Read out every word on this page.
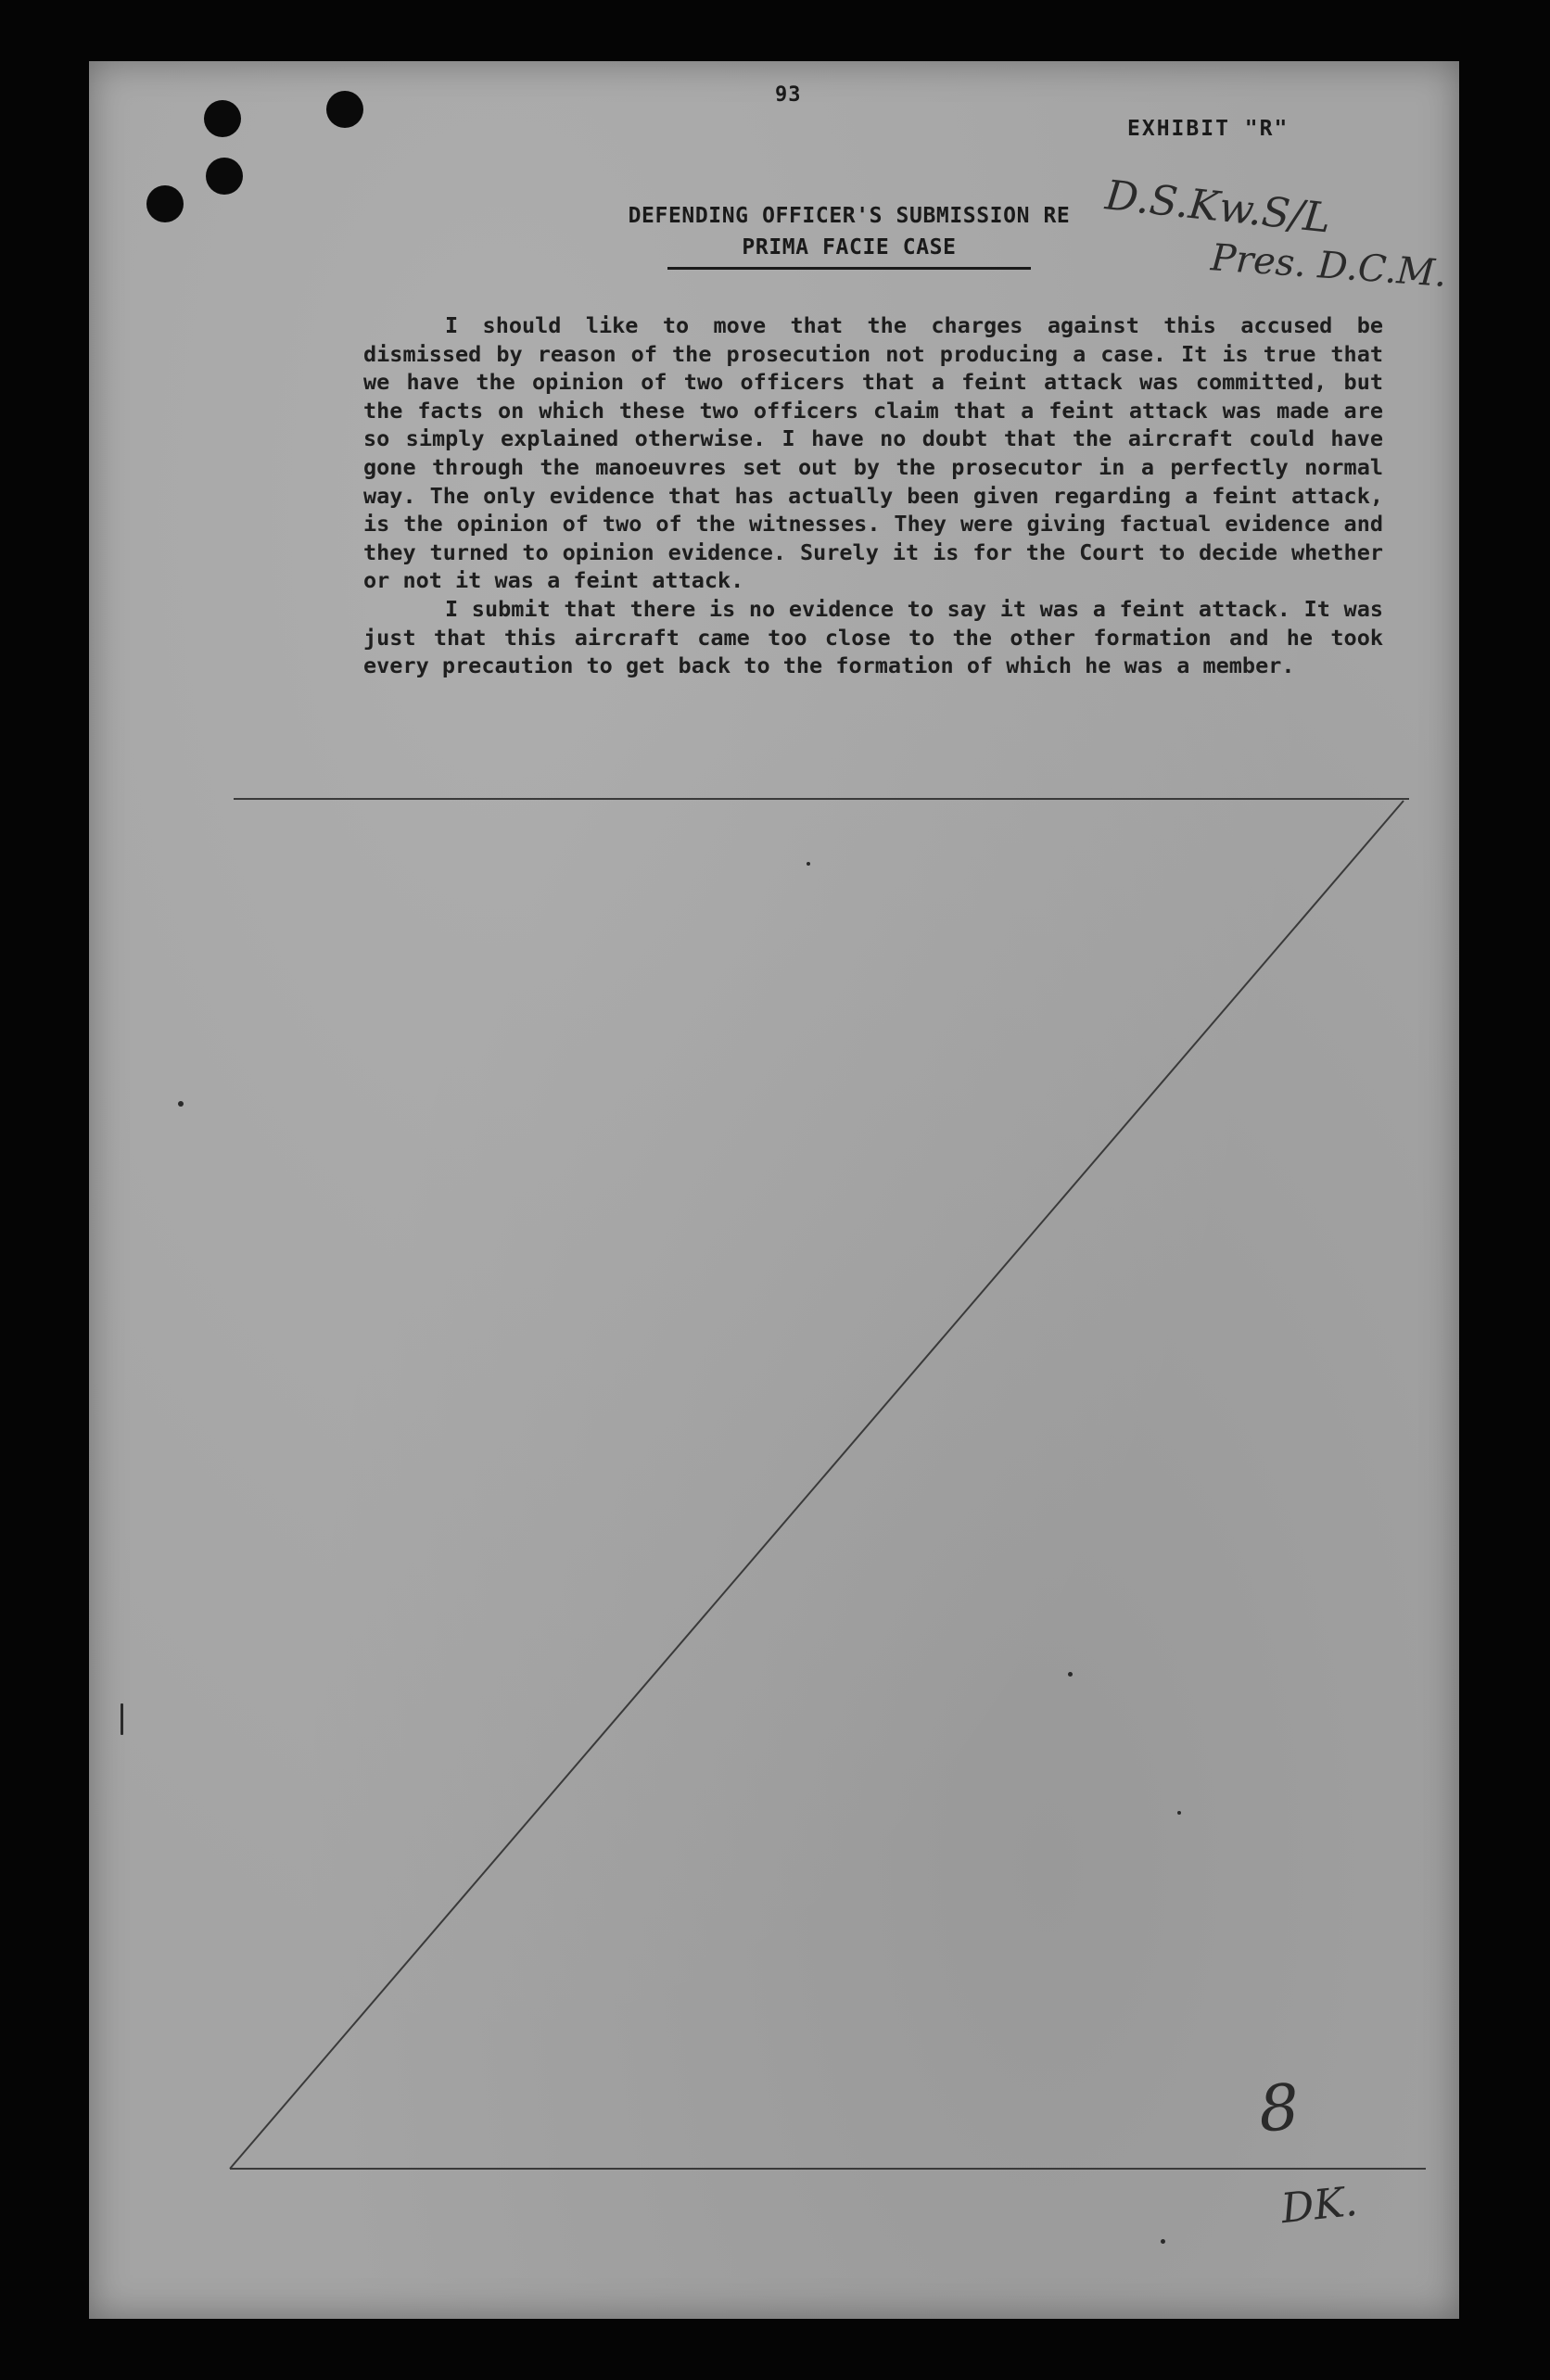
93
EXHIBIT "R"
DEFENDING OFFICER'S SUBMISSION RE
PRIMA FACIE CASE
D.S.Kw.S/L
Pres. D.C.M.

I should like to move that the charges against this accused be dismissed by reason of the prosecution not producing a case. It is true that we have the opinion of two officers that a feint attack was committed, but the facts on which these two officers claim that a feint attack was made are so simply explained otherwise. I have no doubt that the aircraft could have gone through the manoeuvres set out by the prosecutor in a perfectly normal way. The only evidence that has actually been given regarding a feint attack, is the opinion of two of the witnesses. They were giving factual evidence and they turned to opinion evidence. Surely it is for the Court to decide whether or not it was a feint attack.

I submit that there is no evidence to say it was a feint attack. It was just that this aircraft came too close to the other formation and he took every precaution to get back to the formation of which he was a member.

8
DK.
